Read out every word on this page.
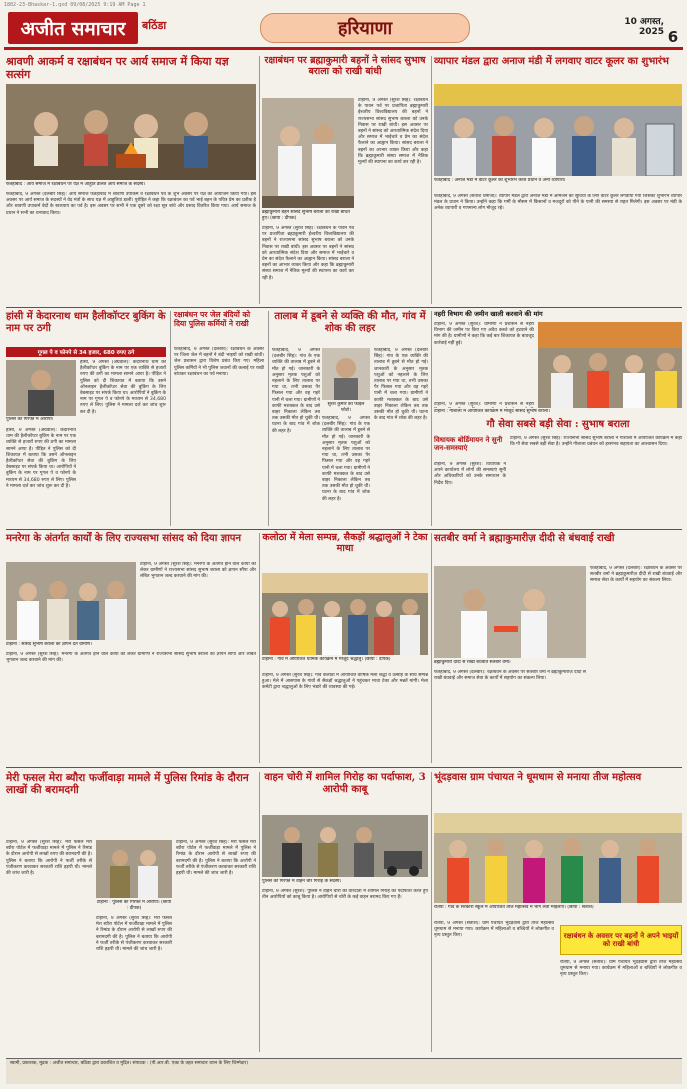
1802-23-Bhaskar-1.qxd 09/08/2025 9:19 AM Page 1
अजीत समाचार	बठिंडा	हरियाणा	10 अगस्त, 2025 6
श्रावणी आकर्म व रक्षाबंधन पर आर्य समाज में किया यज्ञ सत्संग
फतेहाबाद : आर्य समाज में रक्षाबंधन पर यज्ञ में आहुति डालते आर्य समाज के सदस्य।
फतेहाबाद, 9 अगस्त (दलबीर सिंह): आर्य समाज फतेहाबाद में श्रावणी उपाकर्म व रक्षाबंधन पर्व के शुभ अवसर पर यज्ञ का आयोजन किया गया। इस अवसर पर आर्य समाज के सदस्यों ने वेद मंत्रों के साथ यज्ञ में आहुतियां डालीं। पुरोहित ने कहा कि रक्षाबंधन का पर्व भाई बहन के पवित्र प्रेम का प्रतीक है और श्रावणी उपाकर्म वेदों के स्वाध्याय का पर्व है। इस अवसर पर सभी ने एक दूसरे को रक्षा सूत्र बांधे और प्रसाद वितरित किया गया। आर्य समाज के प्रधान ने सभी का धन्यवाद किया।
रक्षाबंधन पर ब्रह्माकुमारी बहनों ने सांसद सुभाष बराला को राखी बांधी
ब्रह्माकुमारी बहनें सांसद सुभाष बराला को राखी बांधते हुए। (छाया : दीपक)
टोहाना, 9 अगस्त (सुरेश सिंह): रक्षाबंधन के पावन पर्व पर प्रजापिता ब्रह्माकुमारी ईश्वरीय विश्वविद्यालय की बहनों ने राज्यसभा सांसद सुभाष बराला को उनके निवास पर राखी बांधी। इस अवसर पर बहनों ने सांसद को आध्यात्मिक संदेश दिया और समाज में भाईचारे व प्रेम का संदेश फैलाने का आह्वान किया। सांसद बराला ने बहनों का आभार व्यक्त किया और कहा कि ब्रह्माकुमारी संस्था समाज में नैतिक मूल्यों की स्थापना का कार्य कर रही है।
टोहाना, 9 अगस्त (सुरेश सिंह): रक्षाबंधन के पावन पर्व पर प्रजापिता ब्रह्माकुमारी ईश्वरीय विश्वविद्यालय की बहनों ने राज्यसभा सांसद सुभाष बराला को उनके निवास पर राखी बांधी। इस अवसर पर बहनों ने सांसद को आध्यात्मिक संदेश दिया और समाज में भाईचारे व प्रेम का संदेश फैलाने का आह्वान किया। सांसद बराला ने बहनों का आभार व्यक्त किया और कहा कि ब्रह्माकुमारी संस्था समाज में नैतिक मूल्यों की स्थापना का कार्य कर रही है।
व्यापार मंडल द्वारा अनाज मंडी में लगवाए वाटर कूलर का शुभारंभ
फतेहाबाद : अनाज मंडी में वाटर कूलर का शुभारंभ करते प्रधान व अन्य व्यापारी।
फतेहाबाद, 9 अगस्त (सतीश धमीजा): व्यापार मंडल द्वारा अनाज मंडी में आमजन की सुविधा के लिए वाटर कूलर लगवाया गया जिसका शुभारंभ व्यापार मंडल के प्रधान ने किया। उन्होंने कहा कि गर्मी के मौसम में किसानों व मजदूरों को पीने के पानी की समस्या से राहत मिलेगी। इस अवसर पर मंडी के अनेक व्यापारी व गणमान्य लोग मौजूद रहे।
हांसी में केदारनाथ धाम हैलीकॉप्टर बुकिंग के नाम पर ठगी
गूगल पे व फोनपे से 34 हजार, 680 रुपए ठगे
पुलिस की गिरफ्त में आरोपी।
हांसी, 9 अगस्त (अग्रवाल): केदारनाथ धाम की हैलीकॉप्टर बुकिंग के नाम पर एक व्यक्ति से हजारों रुपए की ठगी का मामला सामने आया है। पीड़ित ने पुलिस को दी शिकायत में बताया कि उसने ऑनलाइन हैलीकॉप्टर सेवा की बुकिंग के लिए वेबसाइट पर संपर्क किया था। आरोपियों ने बुकिंग के नाम पर गूगल पे व फोनपे के माध्यम से 34,680 रुपए ले लिए। पुलिस ने मामला दर्ज कर जांच शुरू कर दी है।
हांसी, 9 अगस्त (अग्रवाल): केदारनाथ धाम की हैलीकॉप्टर बुकिंग के नाम पर एक व्यक्ति से हजारों रुपए की ठगी का मामला सामने आया है। पीड़ित ने पुलिस को दी शिकायत में बताया कि उसने ऑनलाइन हैलीकॉप्टर सेवा की बुकिंग के लिए वेबसाइट पर संपर्क किया था। आरोपियों ने बुकिंग के नाम पर गूगल पे व फोनपे के माध्यम से 34,680 रुपए ले लिए। पुलिस ने मामला दर्ज कर जांच शुरू कर दी है।
रक्षाबंधन पर जेल बंदियों को दिया पुलिस कर्मियों ने राखी
फतेहाबाद, 9 अगस्त (दलबीर): रक्षाबंधन के अवसर पर जिला जेल में बहनों ने बंदी भाइयों को राखी बांधी। जेल प्रशासन द्वारा विशेष प्रबंध किए गए। महिला पुलिस कर्मियों ने भी पुलिस जवानों की कलाई पर राखी बांधकर रक्षाबंधन का पर्व मनाया।
तालाब में डूबने से व्यक्ति की मौत, गांव में शोक की लहर
सुरेश कुमार का फाइल फोटो।
फतेहाबाद, 9 अगस्त (दलबीर सिंह): गांव के एक व्यक्ति की तालाब में डूबने से मौत हो गई। जानकारी के अनुसार मृतक पशुओं को नहलाने के लिए तालाब पर गया था, तभी उसका पैर फिसल गया और वह गहरे पानी में चला गया। ग्रामीणों ने काफी मशक्कत के बाद उसे बाहर निकाला लेकिन तब तक उसकी मौत हो चुकी थी। घटना के बाद गांव में शोक की लहर है।
फतेहाबाद, 9 अगस्त (दलबीर सिंह): गांव के एक व्यक्ति की तालाब में डूबने से मौत हो गई। जानकारी के अनुसार मृतक पशुओं को नहलाने के लिए तालाब पर गया था, तभी उसका पैर फिसल गया और वह गहरे पानी में चला गया। ग्रामीणों ने काफी मशक्कत के बाद उसे बाहर निकाला लेकिन तब तक उसकी मौत हो चुकी थी। घटना के बाद गांव में शोक की लहर है।
फतेहाबाद, 9 अगस्त (दलबीर सिंह): गांव के एक व्यक्ति की तालाब में डूबने से मौत हो गई। जानकारी के अनुसार मृतक पशुओं को नहलाने के लिए तालाब पर गया था, तभी उसका पैर फिसल गया और वह गहरे पानी में चला गया। ग्रामीणों ने काफी मशक्कत के बाद उसे बाहर निकाला लेकिन तब तक उसकी मौत हो चुकी थी। घटना के बाद गांव में शोक की लहर है।
नहरी विभाग की जमीन खाली करवाने की मांग
टोहाना, 9 अगस्त (सुरेश): ग्रामीणों ने प्रशासन से नहरी विभाग की जमीन पर किए गए अवैध कब्जे को हटवाने की मांग की है। ग्रामीणों ने कहा कि कई बार शिकायत के बावजूद कार्रवाई नहीं हुई।
टोहाना : गौशाला में आयोजित कार्यक्रम में मौजूद सांसद सुभाष बराला।
गौ सेवा सबसे बड़ी सेवा : सुभाष बराला
टोहाना, 9 अगस्त (सुरेश सिंह): राज्यसभा सांसद सुभाष बराला ने गौशाला में आयोजित कार्यक्रम में कहा कि गौ सेवा सबसे बड़ी सेवा है। उन्होंने गौशाला प्रबंधन को हरसंभव सहायता का आश्वासन दिया।
टोहाना, 9 अगस्त (सुरेश): ग्रामीणों ने प्रशासन से नहरी
विधायक बोर्डिमायन ने सुनी जन-समस्याएं
टोहाना, 9 अगस्त (सुरेश): विधायक ने अपने कार्यालय में लोगों की समस्याएं सुनीं और अधिकारियों को उनके समाधान के निर्देश दिए।
मनरेगा के अंतर्गत कार्यों के लिए राज्यसभा सांसद को दिया ज्ञापन
टोहाना : सांसद सुभाष बराला को ज्ञापन देते ग्रामीण।
टोहाना, 9 अगस्त (सुरेश सिंह): मनरेगा के अंतर्गत होने वाले कार्यों को लेकर ग्रामीणों ने राज्यसभा सांसद सुभाष बराला को ज्ञापन सौंपा और लंबित भुगतान जल्द करवाने की मांग की।
टोहाना, 9 अगस्त (सुरेश सिंह): मनरेगा के अंतर्गत होने वाले कार्यों को लेकर ग्रामीणों ने राज्यसभा सांसद सुभाष बराला को ज्ञापन सौंपा और लंबित भुगतान जल्द करवाने की मांग की।
कलोठा में मेला सम्पन्न, सैकड़ों श्रद्धालुओं ने टेका माथा
टोहाना : गांव में आयोजित धार्मिक कार्यक्रम में मौजूद श्रद्धालु। (छाया : दीपक)
टोहाना, 9 अगस्त (सुरेश सिंह): गांव कलोठा में आयोजित वार्षिक मेला श्रद्धा व उत्साह के साथ सम्पन्न हुआ। मेले में आसपास के गांवों से सैकड़ों श्रद्धालुओं ने पहुंचकर माथा टेका और मन्नतें मांगी। मेला कमेटी द्वारा श्रद्धालुओं के लिए भंडारे की व्यवस्था की गई।
सतबीर वर्मा ने ब्रह्माकुमारीज़ दीदी से बंधवाई राखी
ब्रह्माकुमारी दीदी से राखी बंधवाते सतबीर वर्मा।
फतेहाबाद, 9 अगस्त (दलबीर): रक्षाबंधन के अवसर पर सतबीर वर्मा ने ब्रह्माकुमारीज़ दीदी से राखी बंधवाई और समाज सेवा के कार्यों में सहयोग का संकल्प लिया।
फतेहाबाद, 9 अगस्त (दलबीर): रक्षाबंधन के अवसर पर सतबीर वर्मा ने ब्रह्माकुमारीज़ दीदी से राखी बंधवाई और समाज सेवा के कार्यों में सहयोग का संकल्प लिया।
मेरी फसल मेरा ब्यौरा फर्जीवाड़ा मामले में पुलिस रिमांड के दौरान लाखों की बरामदगी
टोहाना : पुलिस की गिरफ्त में आरोपी। (छाया : दीपक)
टोहाना, 9 अगस्त (सुरेश सिंह): मेरी फसल मेरा ब्यौरा पोर्टल में फर्जीवाड़ा मामले में पुलिस ने रिमांड के दौरान आरोपी से लाखों रुपए की बरामदगी की है। पुलिस ने बताया कि आरोपी ने फर्जी तरीके से पंजीकरण करवाकर सरकारी राशि हड़पी थी। मामले की जांच जारी है।
टोहाना, 9 अगस्त (सुरेश सिंह): मेरी फसल मेरा ब्यौरा पोर्टल में फर्जीवाड़ा मामले में पुलिस ने रिमांड के दौरान आरोपी से लाखों रुपए की बरामदगी की है। पुलिस ने बताया कि आरोपी ने फर्जी तरीके से पंजीकरण करवाकर सरकारी राशि हड़पी थी। मामले की जांच जारी है।
टोहाना, 9 अगस्त (सुरेश सिंह): मेरी फसल मेरा ब्यौरा पोर्टल में फर्जीवाड़ा मामले में पुलिस ने रिमांड के दौरान आरोपी से लाखों रुपए की बरामदगी की है। पुलिस ने बताया कि आरोपी ने फर्जी तरीके से पंजीकरण करवाकर सरकारी राशि हड़पी थी। मामले की जांच जारी है।
वाहन चोरी में शामिल गिरोह का पर्दाफाश, 3 आरोपी काबू
पुलिस की गिरफ्त में वाहन चोर गिरोह के सदस्य।
टोहाना, 9 अगस्त (सुरेश): पुलिस ने वाहन चोरी की वारदातों में शामिल गिरोह का पर्दाफाश करते हुए तीन आरोपियों को काबू किया है। आरोपियों से चोरी के कई वाहन बरामद किए गए हैं।
भूंदड़वास ग्राम पंचायत ने धूमधाम से मनाया तीज महोत्सव
रतिया : गांव के सरकारी स्कूल में आयोजित तीज महोत्सव में भाग लेती महिलाएं। (छाया : सतीश)
रतिया, 9 अगस्त (सतीश): ग्राम पंचायत भूंदड़वास द्वारा तीज महोत्सव धूमधाम से मनाया गया। कार्यक्रम में महिलाओं व बच्चियों ने लोकगीत व नृत्य प्रस्तुत किए।	रक्षाबंधन के अवसर पर बहनों ने अपने भाइयों को राखी बांधी
रतिया, 9 अगस्त (सतीश): ग्राम पंचायत भूंदड़वास द्वारा तीज महोत्सव धूमधाम से मनाया गया। कार्यक्रम में महिलाओं व बच्चियों ने लोकगीत व नृत्य प्रस्तुत किए।
स्वामी, प्रकाशक, मुद्रक : अजीत समाचार, बठिंडा द्वारा प्रकाशित व मुद्रित। संपादक : (पी.आर.बी. एक्ट के तहत समाचार चयन के लिए जिम्मेदार)
